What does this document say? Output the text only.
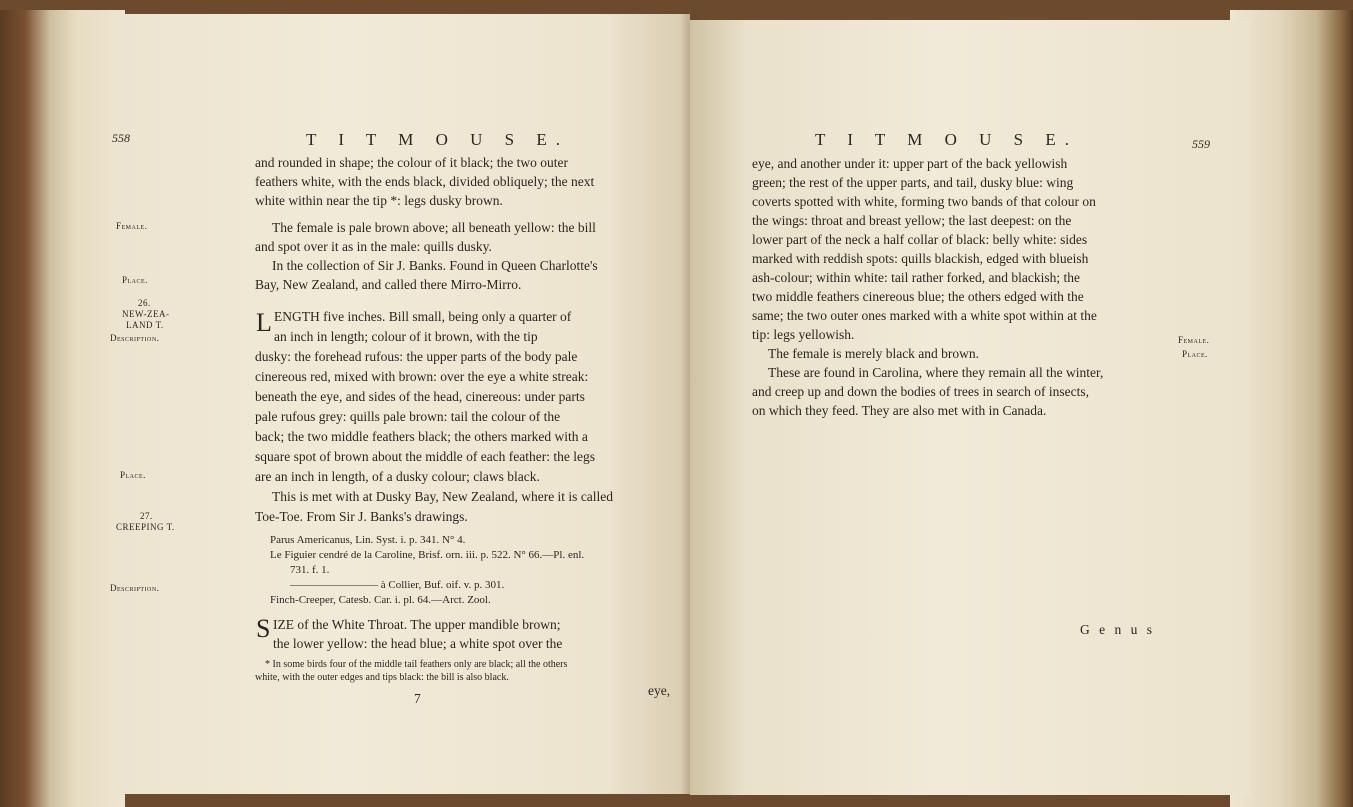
558	T I T M O U S E.
Female.
Place.
26.
NEW-ZEA-
LAND T.
Description.
Place.
27.
CREEPING T.
Description.
and rounded in shape; the colour of it black; the two outer
feathers white, with the ends black, divided obliquely; the next
white within near the tip *: legs dusky brown.
The female is pale brown above; all beneath yellow: the bill
and spot over it as in the male: quills dusky.
In the collection of Sir J. Banks. Found in Queen Charlotte's
Bay, New Zealand, and called there Mirro-Mirro.
L ENGTH five inches. Bill small, being only a quarter of
an inch in length; colour of it brown, with the tip
dusky: the forehead rufous: the upper parts of the body pale
cinereous red, mixed with brown: over the eye a white streak:
beneath the eye, and sides of the head, cinereous: under parts
pale rufous grey: quills pale brown: tail the colour of the
back; the two middle feathers black; the others marked with a
square spot of brown about the middle of each feather: the legs
are an inch in length, of a dusky colour; claws black.
This is met with at Dusky Bay, New Zealand, where it is called
Toe-Toe. From Sir J. Banks's drawings.
Parus Americanus, Lin. Syst. i. p. 341. N° 4.
Le Figuier cendré de la Caroline, Brisf. orn. iii. p. 522. N° 66.—Pl. enl.
731. f. 1.
———————— à Collier, Buf. oif. v. p. 301.
Finch-Creeper, Catesb. Car. i. pl. 64.—Arct. Zool.
S IZE of the White Throat. The upper mandible brown;
the lower yellow: the head blue; a white spot over the
* In some birds four of the middle tail feathers only are black; all the others
white, with the outer edges and tips black: the bill is also black.
7
eye,
T I T M O U S E.	559
eye, and another under it: upper part of the back yellowish
green; the rest of the upper parts, and tail, dusky blue: wing
coverts spotted with white, forming two bands of that colour on
the wings: throat and breast yellow; the last deepest: on the
lower part of the neck a half collar of black: belly white: sides
marked with reddish spots: quills blackish, edged with blueish
ash-colour; within white: tail rather forked, and blackish; the
two middle feathers cinereous blue; the others edged with the
same; the two outer ones marked with a white spot within at the
tip: legs yellowish.
The female is merely black and brown.
These are found in Carolina, where they remain all the winter,
and creep up and down the bodies of trees in search of insects,
on which they feed. They are also met with in Canada.
Female.
Place.
G e n u s
